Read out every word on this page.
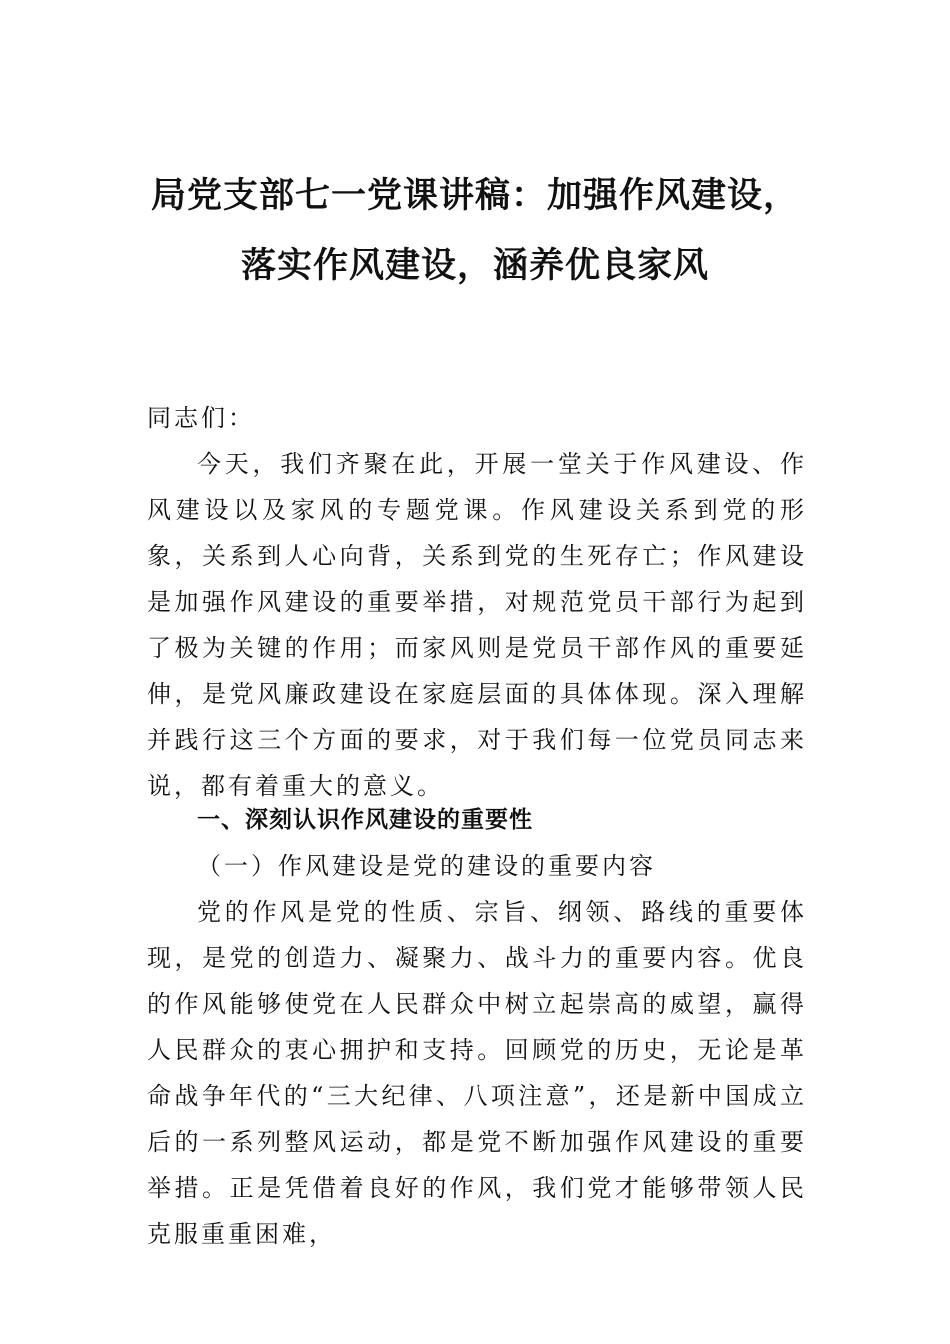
局党支部七一党课讲稿：加强作风建设，
落实作风建设，涵养优良家风

同志们：

今天，我们齐聚在此，开展一堂关于作风建设、作风建设以及家风的专题党课。作风建设关系到党的形象，关系到人心向背，关系到党的生死存亡；作风建设是加强作风建设的重要举措，对规范党员干部行为起到了极为关键的作用；而家风则是党员干部作风的重要延伸，是党风廉政建设在家庭层面的具体体现。深入理解并践行这三个方面的要求，对于我们每一位党员同志来说，都有着重大的意义。

一、深刻认识作风建设的重要性

（一）作风建设是党的建设的重要内容

党的作风是党的性质、宗旨、纲领、路线的重要体现，是党的创造力、凝聚力、战斗力的重要内容。优良的作风能够使党在人民群众中树立起崇高的威望，赢得人民群众的衷心拥护和支持。回顾党的历史，无论是革命战争年代的“三大纪律、八项注意”，还是新中国成立后的一系列整风运动，都是党不断加强作风建设的重要举措。正是凭借着良好的作风，我们党才能够带领人民克服重重困难，
